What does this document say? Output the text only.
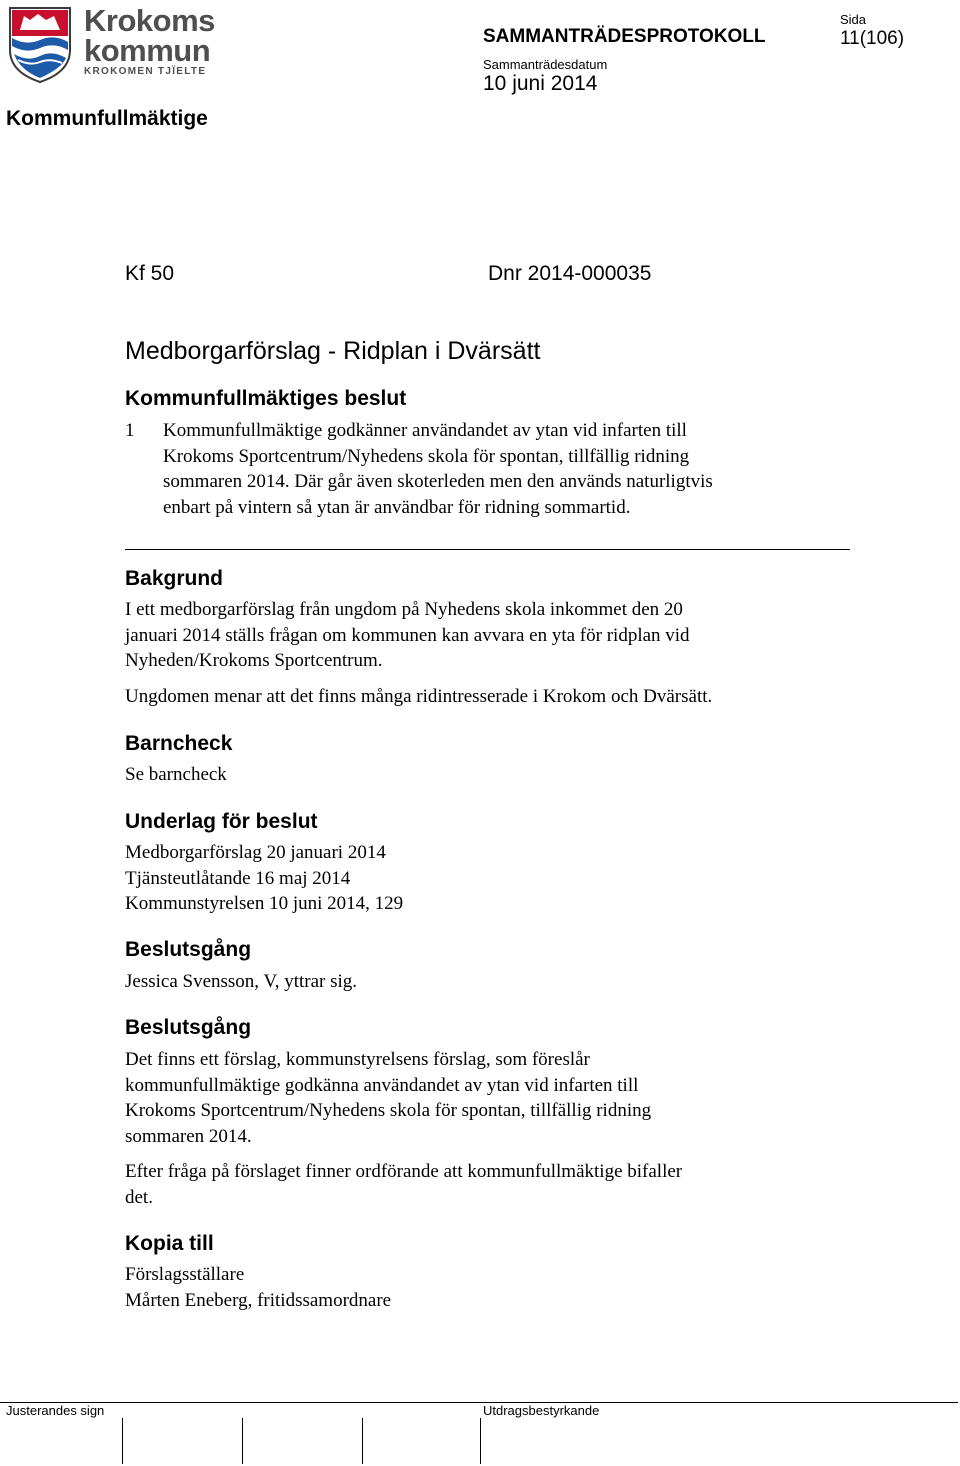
Krokoms
kommun
KROKOMEN TJÏELTE
SAMMANTRÄDESPROTOKOLL
Sammanträdesdatum
10 juni 2014
Sida
11(106)
Kommunfullmäktige
Kf 50	Dnr 2014-000035
Medborgarförslag - Ridplan i Dvärsätt
Kommunfullmäktiges beslut
1 Kommunfullmäktige godkänner användandet av ytan vid infarten till
Krokoms Sportcentrum/Nyhedens skola för spontan, tillfällig ridning
sommaren 2014. Där går även skoterleden men den används naturligtvis
enbart på vintern så ytan är användbar för ridning sommartid.
Bakgrund
I ett medborgarförslag från ungdom på Nyhedens skola inkommet den 20
januari 2014 ställs frågan om kommunen kan avvara en yta för ridplan vid
Nyheden/Krokoms Sportcentrum.
Ungdomen menar att det finns många ridintresserade i Krokom och Dvärsätt.
Barncheck
Se barncheck
Underlag för beslut
Medborgarförslag 20 januari 2014
Tjänsteutlåtande 16 maj 2014
Kommunstyrelsen 10 juni 2014, 129
Beslutsgång
Jessica Svensson, V, yttrar sig.
Beslutsgång
Det finns ett förslag, kommunstyrelsens förslag, som föreslår
kommunfullmäktige godkänna användandet av ytan vid infarten till
Krokoms Sportcentrum/Nyhedens skola för spontan, tillfällig ridning
sommaren 2014.
Efter fråga på förslaget finner ordförande att kommunfullmäktige bifaller
det.
Kopia till
Förslagsställare
Mårten Eneberg, fritidssamordnare
Justerandes sign	Utdragsbestyrkande
